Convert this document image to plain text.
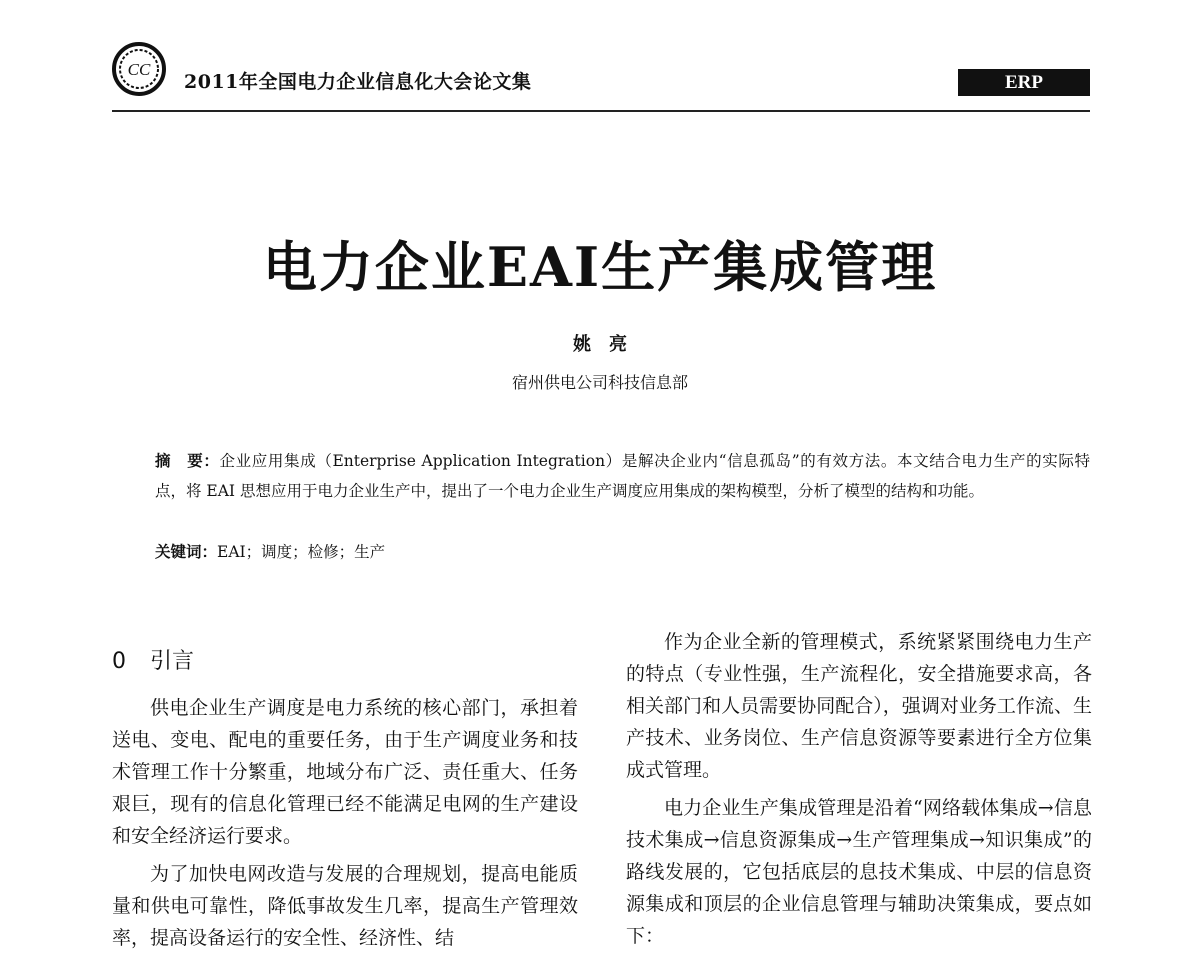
CC
2011年全国电力企业信息化大会论文集	ERP
电力企业EAI生产集成管理
姚亮
宿州供电公司科技信息部
摘　要：企业应用集成（Enterprise Application Integration）是解决企业内“信息孤岛”的有效方法。本文结合电力生产的实际特点，将 EAI 思想应用于电力企业生产中，提出了一个电力企业生产调度应用集成的架构模型，分析了模型的结构和功能。
关键词：EAI；调度；检修；生产
0 引言

供电企业生产调度是电力系统的核心部门，承担着送电、变电、配电的重要任务，由于生产调度业务和技术管理工作十分繁重，地域分布广泛、责任重大、任务艰巨，现有的信息化管理已经不能满足电网的生产建设和安全经济运行要求。

为了加快电网改造与发展的合理规划，提高电能质量和供电可靠性，降低事故发生几率，提高生产管理效率，提高设备运行的安全性、经济性、结

作为企业全新的管理模式，系统紧紧围绕电力生产的特点（专业性强，生产流程化，安全措施要求高，各相关部门和人员需要协同配合），强调对业务工作流、生产技术、业务岗位、生产信息资源等要素进行全方位集成式管理。

电力企业生产集成管理是沿着“网络载体集成→信息技术集成→信息资源集成→生产管理集成→知识集成”的路线发展的，它包括底层的息技术集成、中层的信息资源集成和顶层的企业信息管理与辅助决策集成，要点如下：
